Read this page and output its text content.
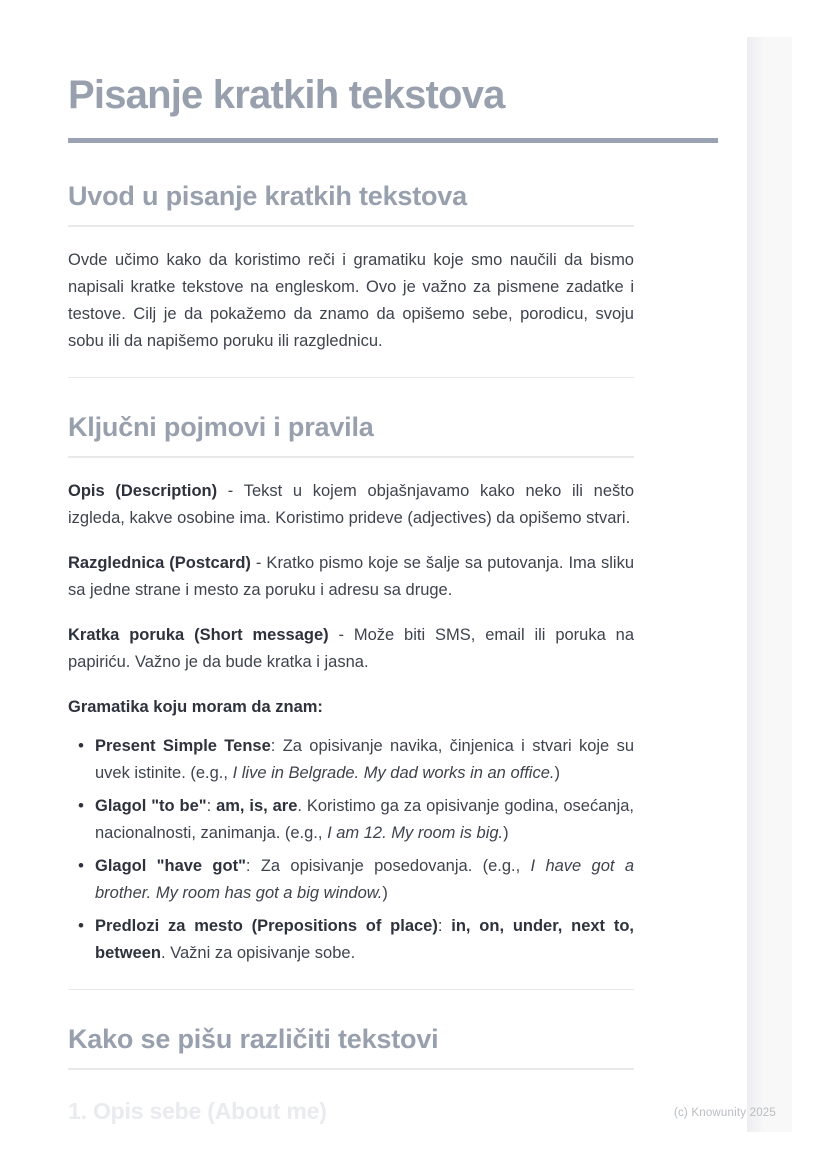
Pisanje kratkih tekstova
Uvod u pisanje kratkih tekstova

Ovde učimo kako da koristimo reči i gramatiku koje smo naučili da bismo napisali kratke tekstove na engleskom. Ovo je važno za pismene zadatke i testove. Cilj je da pokažemo da znamo da opišemo sebe, porodicu, svoju sobu ili da napišemo poruku ili razglednicu.

Ključni pojmovi i pravila

Opis (Description) - Tekst u kojem objašnjavamo kako neko ili nešto izgleda, kakve osobine ima. Koristimo prideve (adjectives) da opišemo stvari.

Razglednica (Postcard) - Kratko pismo koje se šalje sa putovanja. Ima sliku sa jedne strane i mesto za poruku i adresu sa druge.

Kratka poruka (Short message) - Može biti SMS, email ili poruka na papiriću. Važno je da bude kratka i jasna.

Gramatika koju moram da znam:

• Present Simple Tense: Za opisivanje navika, činjenica i stvari koje su uvek istinite. (e.g., I live in Belgrade. My dad works in an office.)
• Glagol "to be": am, is, are. Koristimo ga za opisivanje godina, osećanja, nacionalnosti, zanimanja. (e.g., I am 12. My room is big.)
• Glagol "have got": Za opisivanje posedovanja. (e.g., I have got a brother. My room has got a big window.)
• Predlozi za mesto (Prepositions of place): in, on, under, next to, between. Važni za opisivanje sobe.
Kako se pišu različiti tekstovi
1. Opis sebe (About me)	(c) Knowunity 2025
